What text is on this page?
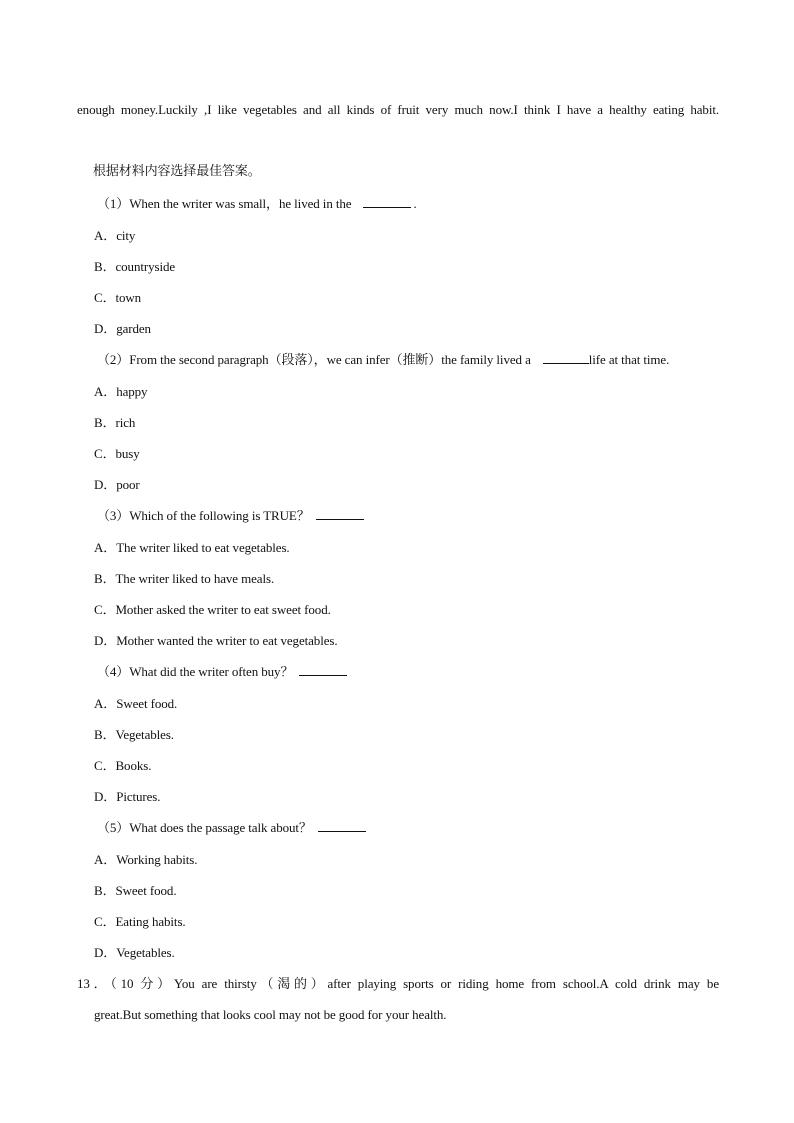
enough money.Luckily ,I like vegetables and all kinds of fruit very much now.I think I have a healthy eating habit.
根据材料内容选择最佳答案。
（1）When the writer was small，he lived in the	.
A．city
B．countryside
C．town
D．garden
（2）From the second paragraph（段落），we can infer（推断）the family lived a	life at that time.
A．happy
B．rich
C．busy
D．poor
（3）Which of the following is TRUE？
A．The writer liked to eat vegetables.
B．The writer liked to have meals.
C．Mother asked the writer to eat sweet food.
D．Mother wanted the writer to eat vegetables.
（4）What did the writer often buy？
A．Sweet food.
B．Vegetables.
C．Books.
D．Pictures.
（5）What does the passage talk about？
A．Working habits.
B．Sweet food.
C．Eating habits.
D．Vegetables.
13．（10 分）You are thirsty（渴的）after playing sports or riding home from school.A cold drink may be
great.But something that looks cool may not be good for your health.
